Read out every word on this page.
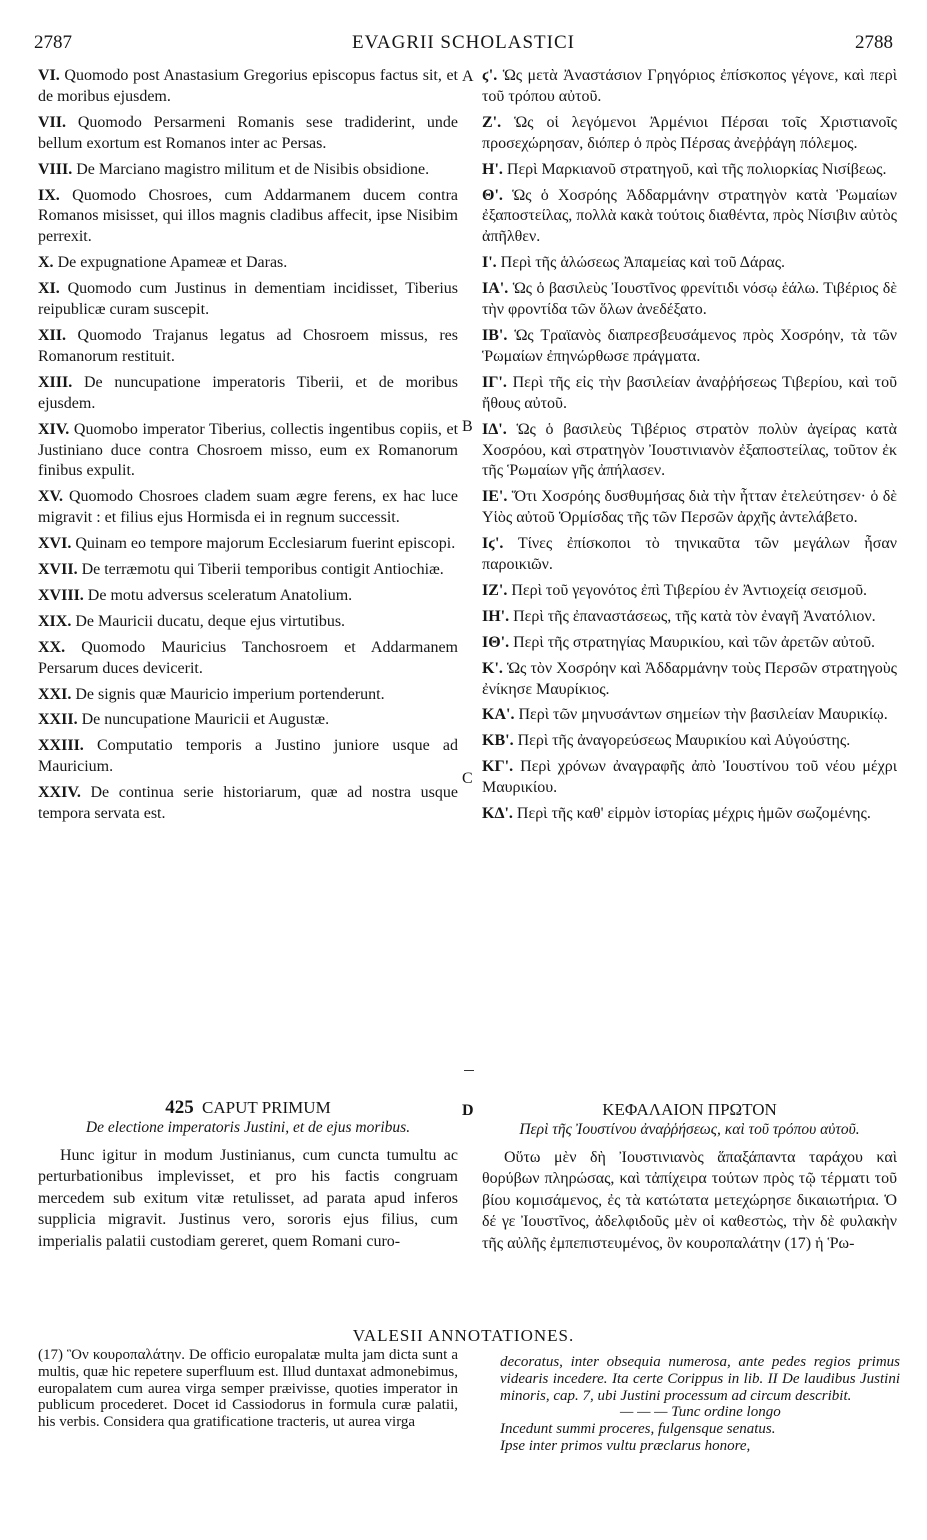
2787	EVAGRII SCHOLASTICI	2788
A
B
C
D

VI. Quomodo post Anastasium Gregorius episcopus factus sit, et de moribus ejusdem.

VII. Quomodo Persarmeni Romanis sese tradiderint, unde bellum exortum est Romanos inter ac Persas.

VIII. De Marciano magistro militum et de Nisibis obsidione.

IX. Quomodo Chosroes, cum Addarmanem ducem contra Romanos misisset, qui illos magnis cladibus affecit, ipse Nisibim perrexit.

X. De expugnatione Apameæ et Daras.

XI. Quomodo cum Justinus in dementiam incidisset, Tiberius reipublicæ curam suscepit.

XII. Quomodo Trajanus legatus ad Chosroem missus, res Romanorum restituit.

XIII. De nuncupatione imperatoris Tiberii, et de moribus ejusdem.

XIV. Quomobo imperator Tiberius, collectis ingentibus copiis, et Justiniano duce contra Chosroem misso, eum ex Romanorum finibus expulit.

XV. Quomodo Chosroes cladem suam ægre ferens, ex hac luce migravit : et filius ejus Hormisda ei in regnum successit.

XVI. Quinam eo tempore majorum Ecclesiarum fuerint episcopi.

XVII. De terræmotu qui Tiberii temporibus contigit Antiochiæ.

XVIII. De motu adversus sceleratum Anatolium.

XIX. De Mauricii ducatu, deque ejus virtutibus.

XX. Quomodo Mauricius Tanchosroem et Addarmanem Persarum duces devicerit.

XXI. De signis quæ Mauricio imperium portenderunt.

XXII. De nuncupatione Mauricii et Augustæ.

XXIII. Computatio temporis a Justino juniore usque ad Mauricium.

XXIV. De continua serie historiarum, quæ ad nostra usque tempora servata est.

ϛ'. Ὡς μετὰ Ἀναστάσιον Γρηγόριος ἐπίσκοπος γέγονε, καὶ περὶ τοῦ τρόπου αὐτοῦ.

Ζ'. Ὡς οἱ λεγόμενοι Ἀρμένιοι Πέρσαι τοῖς Χριστιανοῖς προσεχώρησαν, διόπερ ὁ πρὸς Πέρσας ἀνεῤῥάγη πόλεμος.

Η'. Περὶ Μαρκιανοῦ στρατηγοῦ, καὶ τῆς πολιορκίας Νισίβεως.

Θ'. Ὡς ὁ Χοσρόης Ἀδδαρμάνην στρατηγὸν κατὰ Ῥωμαίων ἐξαποστείλας, πολλὰ κακὰ τούτοις διαθέντα, πρὸς Νίσιβιν αὐτὸς ἀπῆλθεν.

Ι'. Περὶ τῆς ἁλώσεως Ἀπαμείας καὶ τοῦ Δάρας.

ΙΑ'. Ὡς ὁ βασιλεὺς Ἰουστῖνος φρενίτιδι νόσῳ ἑάλω. Τιβέριος δὲ τὴν φροντίδα τῶν ὅλων ἀνεδέξατο.

ΙΒ'. Ὡς Τραϊανὸς διαπρεσβευσάμενος πρὸς Χοσρόην, τὰ τῶν Ῥωμαίων ἐπηνώρθωσε πράγματα.

ΙΓ'. Περὶ τῆς εἰς τὴν βασιλείαν ἀναῤῥήσεως Τιβερίου, καὶ τοῦ ἤθους αὐτοῦ.

ΙΔ'. Ὡς ὁ βασιλεὺς Τιβέριος στρατὸν πολὺν ἀγείρας κατὰ Χοσρόου, καὶ στρατηγὸν Ἰουστινιανὸν ἐξαποστείλας, τοῦτον ἐκ τῆς Ῥωμαίων γῆς ἀπήλασεν.

ΙΕ'. Ὅτι Χοσρόης δυσθυμήσας διὰ τὴν ἧτταν ἐτελεύτησεν· ὁ δὲ Υἱὸς αὐτοῦ Ὁρμίσδας τῆς τῶν Περσῶν ἀρχῆς ἀντελάβετο.

Ιϛ'. Τίνες ἐπίσκοποι τὸ τηνικαῦτα τῶν μεγάλων ἦσαν παροικιῶν.

ΙΖ'. Περὶ τοῦ γεγονότος ἐπὶ Τιβερίου ἐν Ἀντιοχείᾳ σεισμοῦ.

ΙΗ'. Περὶ τῆς ἐπαναστάσεως, τῆς κατὰ τὸν ἐναγῆ Ἀνατόλιον.

ΙΘ'. Περὶ τῆς στρατηγίας Μαυρικίου, καὶ τῶν ἀρετῶν αὐτοῦ.

Κ'. Ὡς τὸν Χοσρόην καὶ Ἀδδαρμάνην τοὺς Περσῶν στρατηγοὺς ἐνίκησε Μαυρίκιος.

ΚΑ'. Περὶ τῶν μηνυσάντων σημείων τὴν βασιλείαν Μαυρικίῳ.

ΚΒ'. Περὶ τῆς ἀναγορεύσεως Μαυρικίου καὶ Αὐγούστης.

ΚΓ'. Περὶ χρόνων ἀναγραφῆς ἀπὸ Ἰουστίνου τοῦ νέου μέχρι Μαυρικίου.

ΚΔ'. Περὶ τῆς καθ' εἱρμὸν ἱστορίας μέχρις ἡμῶν σωζομένης.

425 CAPUT PRIMUM

De electione imperatoris Justini, et de ejus moribus.

Hunc igitur in modum Justinianus, cum cuncta tumultu ac perturbationibus implevisset, et pro his factis congruam mercedem sub exitum vitæ retulisset, ad parata apud inferos supplicia migravit. Justinus vero, sororis ejus filius, cum imperialis palatii custodiam gereret, quem Romani curo-

ΚΕΦΑΛΑΙΟΝ ΠΡΩΤΟΝ

Περὶ τῆς Ἰουστίνου ἀναῤῥήσεως, καὶ τοῦ τρόπου αὐτοῦ.

Οὕτω μὲν δὴ Ἰουστινιανὸς ἅπαξάπαντα ταράχου καὶ θορύβων πληρώσας, καὶ τἀπίχειρα τούτων πρὸς τῷ τέρματι τοῦ βίου κομισάμενος, ἐς τὰ κατώτατα μετεχώρησε δικαιωτήρια. Ὁ δέ γε Ἰουστῖνος, ἀδελφιδοῦς μὲν οἱ καθεστὼς, τὴν δὲ φυλακὴν τῆς αὐλῆς ἐμπεπιστευμένος, ὃν κουροπαλάτην (17) ἡ Ῥω-

VALESII ANNOTATIONES.
(17) Ὃν κουροπαλάτην. De officio europalatæ multa jam dicta sunt a multis, quæ hic repetere superfluum est. Illud duntaxat admonebimus, europalatem cum aurea virga semper præivisse, quoties imperator in publicum procederet. Docet id Cassiodorus in formula curæ palatii, his verbis. Considera qua gratificatione tracteris, ut aurea virga
decoratus, inter obsequia numerosa, ante pedes regios primus videaris incedere. Ita certe Corippus in lib. II De laudibus Justini minoris, cap. 7, ubi Justini processum ad circum describit.

— — — Tunc ordine longo

Incedunt summi proceres, fulgensque senatus.

Ipse inter primos vultu præclarus honore,
